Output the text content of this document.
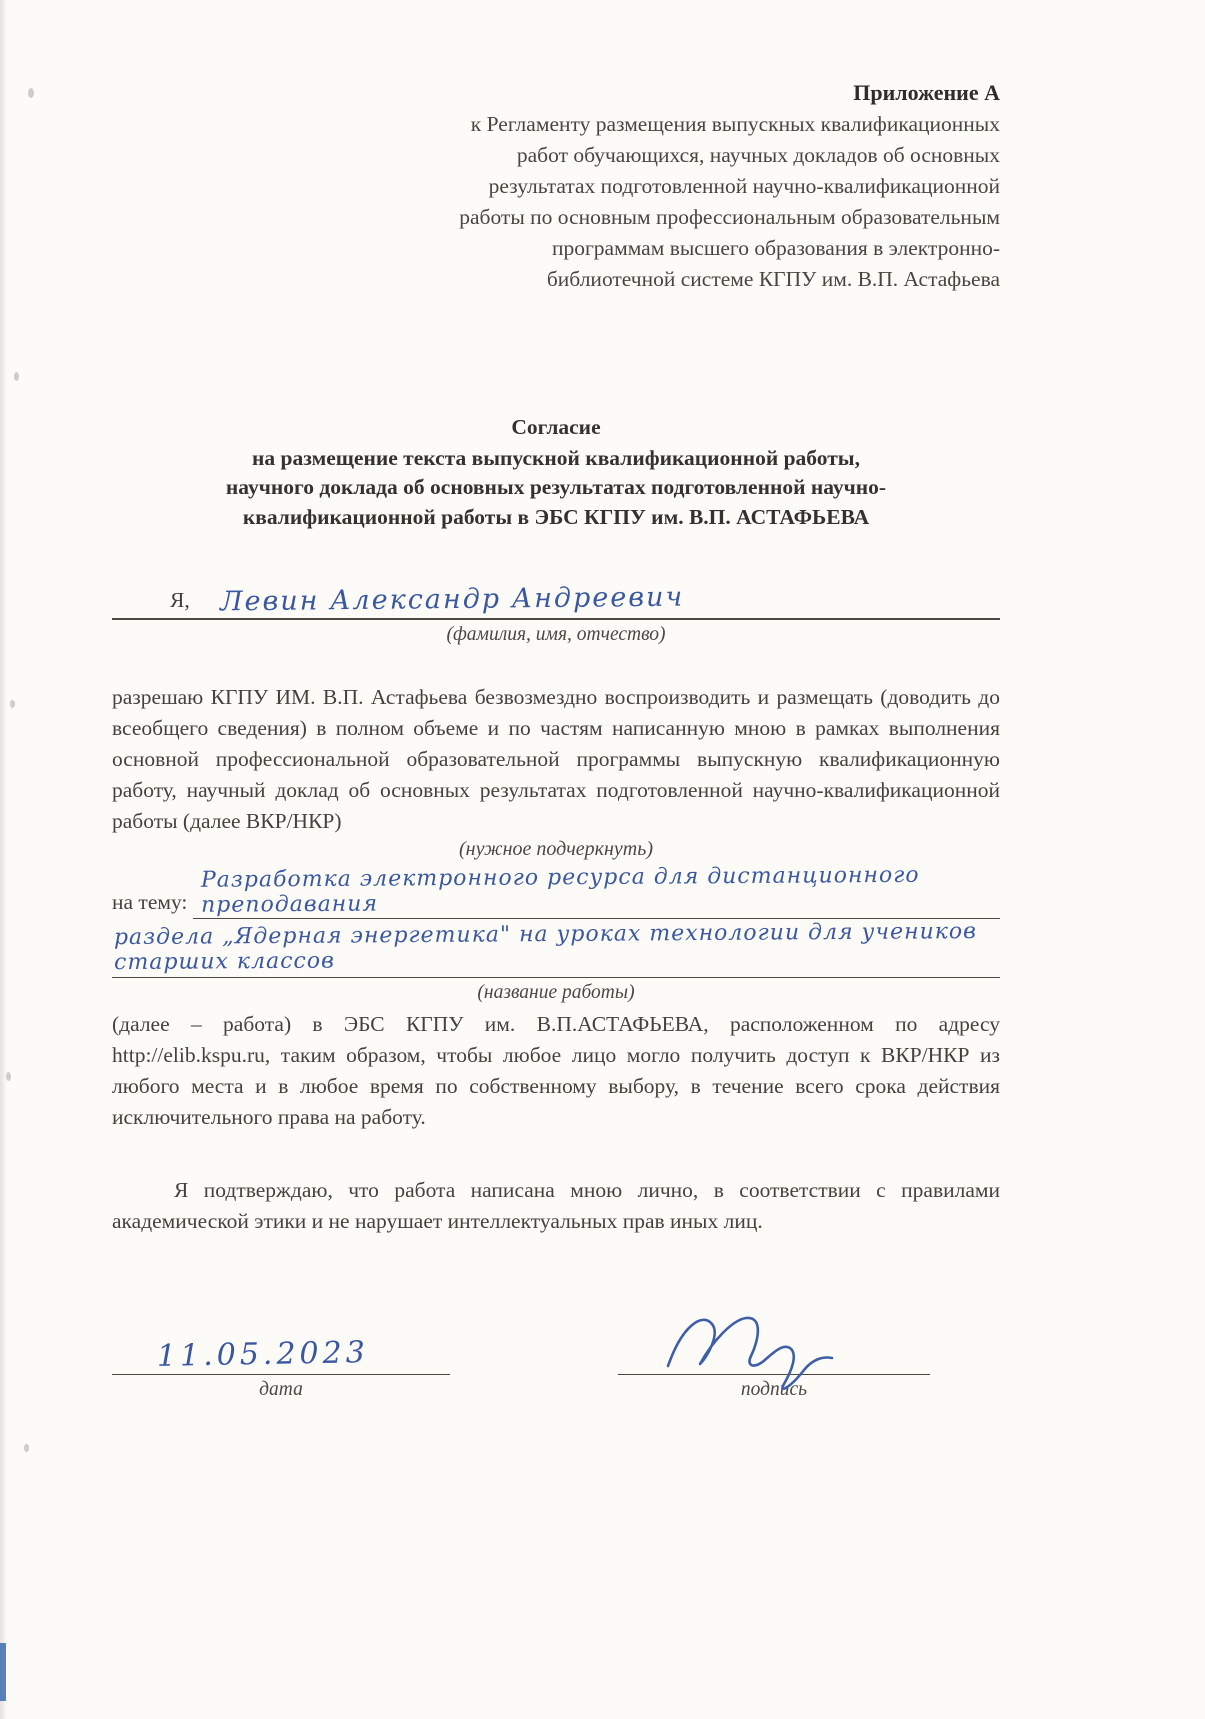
Приложение А
к Регламенту размещения выпускных квалификационных
работ обучающихся, научных докладов об основных
результатах подготовленной научно-квалификационной
работы по основным профессиональным образовательным
программам высшего образования в электронно-
библиотечной системе КГПУ им. В.П. Астафьева
Согласие
на размещение текста выпускной квалификационной работы,
научного доклада об основных результатах подготовленной научно-
квалификационной работы в ЭБС КГПУ им. В.П. АСТАФЬЕВА
Я, Левин Александр Андреевич
(фамилия, имя, отчество)
разрешаю КГПУ ИМ. В.П. Астафьева безвозмездно воспроизводить и размещать (доводить до всеобщего сведения) в полном объеме и по частям написанную мною в рамках выполнения основной профессиональной образовательной программы выпускную квалификационную работу, научный доклад об основных результатах подготовленной научно-квалификационной работы (далее ВКР/НКР)
(нужное подчеркнуть)
на тему:
Разработка электронного ресурса для дистанционного преподавания
раздела „Ядерная энергетика" на уроках технологии для учеников старших классов
(название работы)
(далее – работа) в ЭБС КГПУ им. В.П.АСТАФЬЕВА, расположенном по адресу http://elib.kspu.ru, таким образом, чтобы любое лицо могло получить доступ к ВКР/НКР из любого места и в любое время по собственному выбору, в течение всего срока действия исключительного права на работу.
Я подтверждаю, что работа написана мною лично, в соответствии с правилами академической этики и не нарушает интеллектуальных прав иных лиц.
11.05.2023
дата	подпись
